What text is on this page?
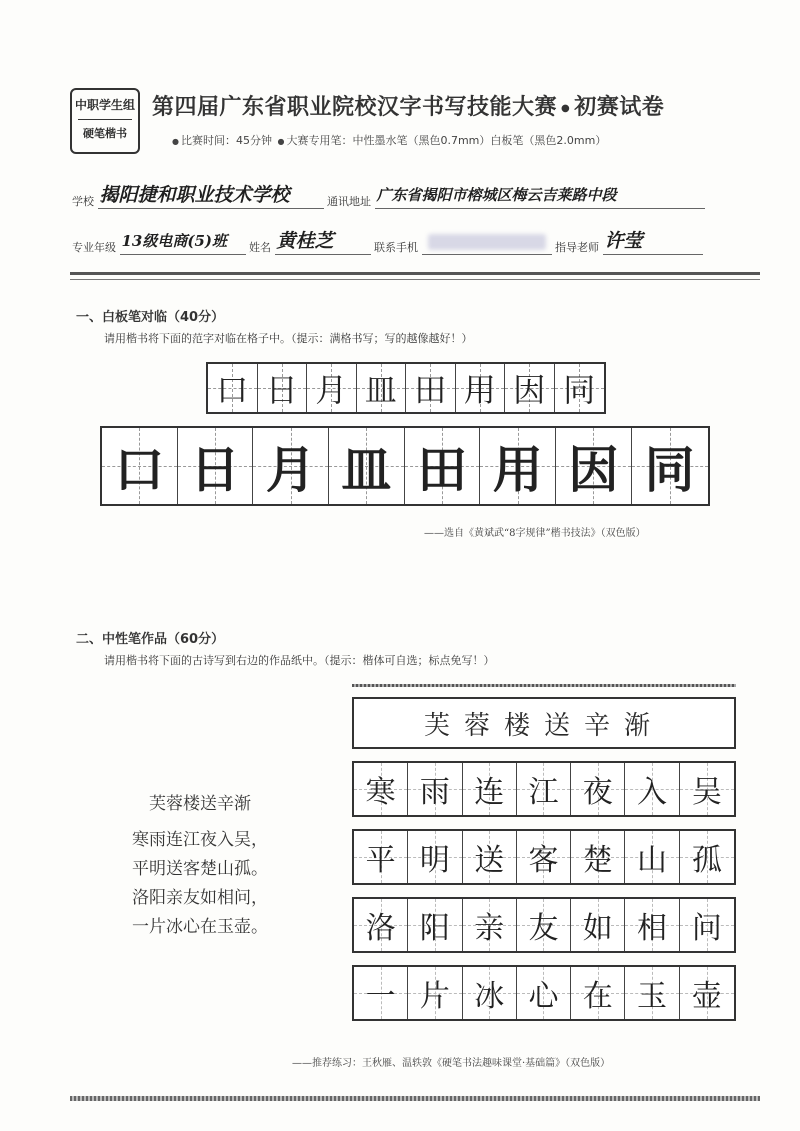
中职学生组
硬笔楷书
第四届广东省职业院校汉字书写技能大赛 ● 初赛试卷
● 比赛时间：45分钟 ● 大赛专用笔：中性墨水笔（黑色0.7mm）白板笔（黑色2.0mm）
学校 揭阳捷和职业技术学校	通讯地址 广东省揭阳市榕城区梅云吉莱路中段
专业年级 13级电商(5)班 姓名 黄桂芝	联系手机	指导老师 许莹
一、白板笔对临（40分）
请用楷书将下面的范字对临在格子中。（提示：满格书写；写的越像越好！）
口 日 月 皿 田 用 因 同
口 日 月 皿 田 用 因 同
——选自《黄斌武“8字规律”楷书技法》（双色版）
二、中性笔作品（60分）
请用楷书将下面的古诗写到右边的作品纸中。（提示：楷体可自选；标点免写！）
芙蓉楼送辛渐
寒雨连江夜入吴，
平明送客楚山孤。
洛阳亲友如相问，
一片冰心在玉壶。
芙蓉楼送辛渐
寒 雨 连 江 夜 入 吴
平 明 送 客 楚 山 孤
洛 阳 亲 友 如 相 问
一 片 冰 心 在 玉 壶
——推荐练习：王秋雁、温轶敦《硬笔书法趣味课堂·基础篇》（双色版）
